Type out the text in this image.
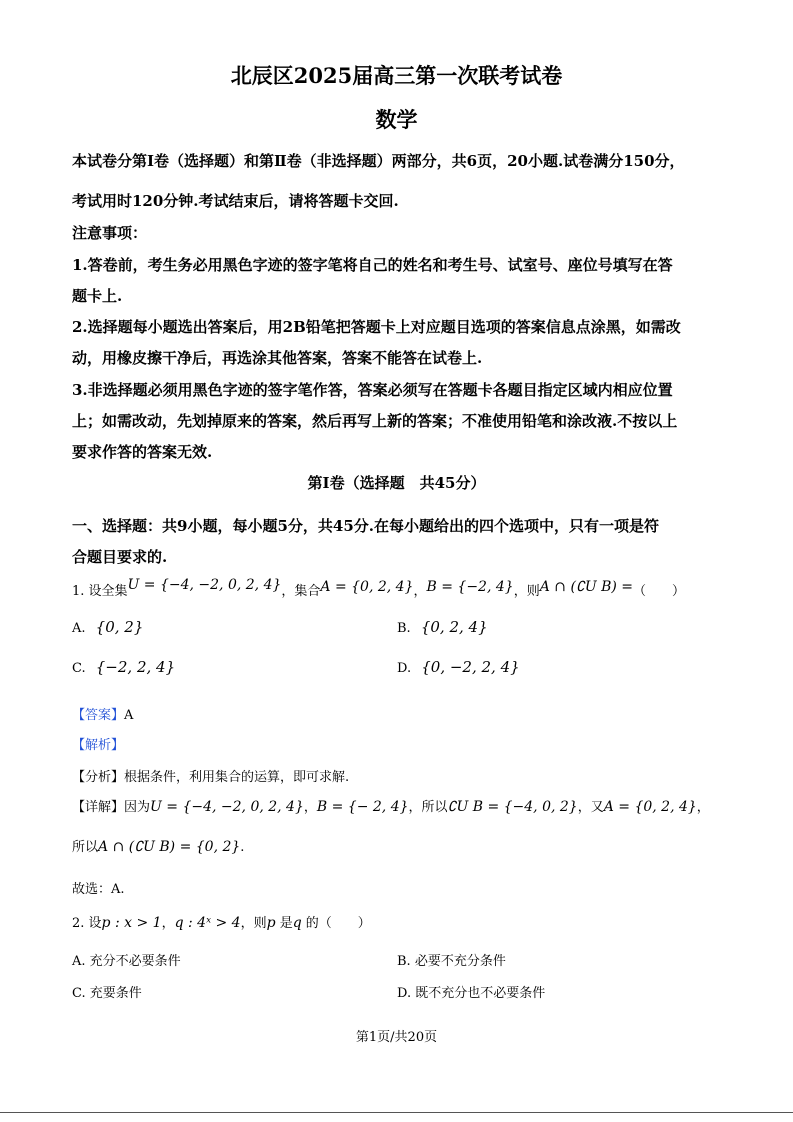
北辰区2025届高三第一次联考试卷
数学
本试卷分第Ⅰ卷（选择题）和第Ⅱ卷（非选择题）两部分，共6页，20小题.试卷满分150分，
考试用时120分钟.考试结束后，请将答题卡交回.
注意事项：
1.答卷前，考生务必用黑色字迹的签字笔将自己的姓名和考生号、试室号、座位号填写在答
题卡上.
2.选择题每小题选出答案后，用2B铅笔把答题卡上对应题目选项的答案信息点涂黑，如需改
动，用橡皮擦干净后，再选涂其他答案，答案不能答在试卷上.
3.非选择题必须用黑色字迹的签字笔作答，答案必须写在答题卡各题目指定区域内相应位置
上；如需改动，先划掉原来的答案，然后再写上新的答案；不准使用铅笔和涂改液.不按以上
要求作答的答案无效.
第Ⅰ卷（选择题　共45分）
一、选择题：共9小题，每小题5分，共45分.在每小题给出的四个选项中，只有一项是符
合题目要求的.
1. 设全集U = {−4, −2, 0, 2, 4}，集合A = {0, 2, 4}，B = {−2, 4}，则A ∩ (∁U B) =（　　）
A. {0, 2}	B. {0, 2, 4}
C. {−2, 2, 4}	D. {0, −2, 2, 4}
【答案】A
【解析】
【分析】根据条件，利用集合的运算，即可求解.
【详解】因为U = {−4, −2, 0, 2, 4}，B = {− 2, 4}，所以∁U B = {−4, 0, 2}，又A = {0, 2, 4}，
所以A ∩ (∁U B) = {0, 2}.
故选：A.
2. 设p : x > 1，q : 4ˣ > 4，则p 是q 的（　　）
A. 充分不必要条件	B. 必要不充分条件
C. 充要条件	D. 既不充分也不必要条件
第1页/共20页
